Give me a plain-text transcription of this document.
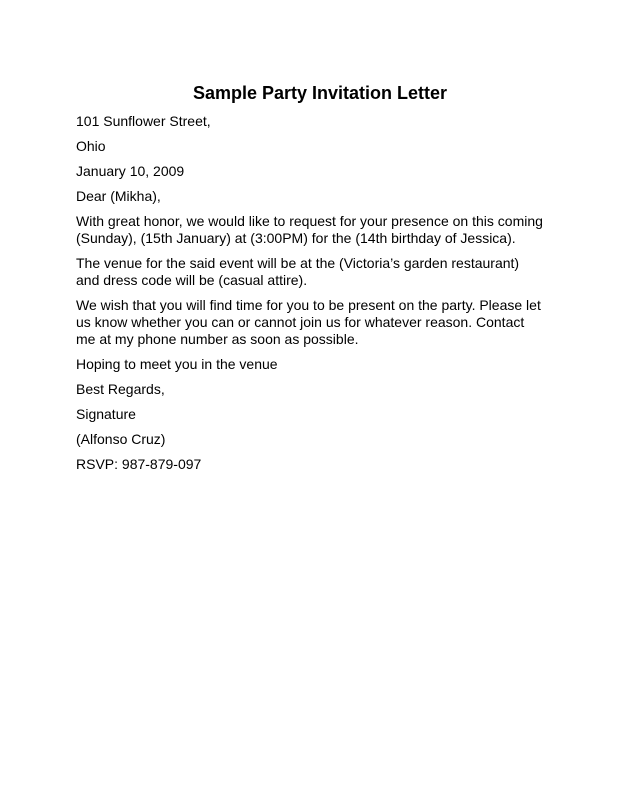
Sample Party Invitation Letter

101 Sunflower Street,

Ohio

January 10, 2009

Dear (Mikha),

With great honor, we would like to request for your presence on this coming
(Sunday), (15th January) at (3:00PM) for the (14th birthday of Jessica).

The venue for the said event will be at the (Victoria’s garden restaurant)
and dress code will be (casual attire).

We wish that you will find time for you to be present on the party. Please let
us know whether you can or cannot join us for whatever reason. Contact
me at my phone number as soon as possible.

Hoping to meet you in the venue

Best Regards,

Signature

(Alfonso Cruz)

RSVP: 987-879-097
